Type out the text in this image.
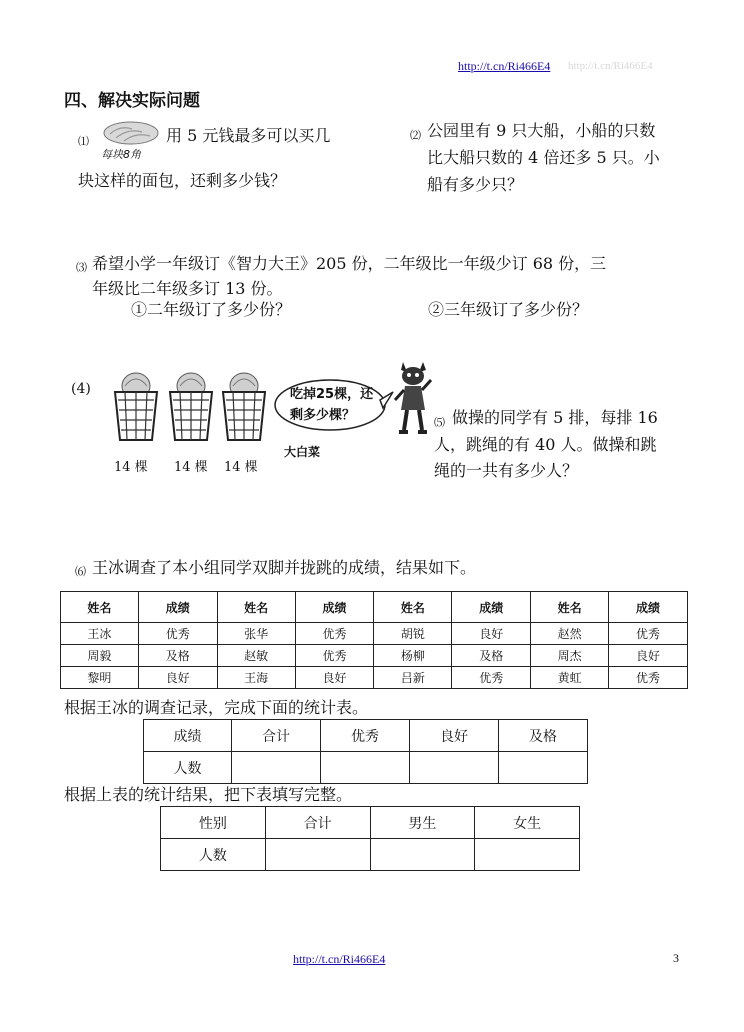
http://t.cn/Ri466E4 http://t.cn/Ri466E4
四、解决实际问题
⑴
每块8角
用 5 元钱最多可以买几
块这样的面包，还剩多少钱？
⑵ 公园里有 9 只大船，小船的只数
比大船只数的 4 倍还多 5 只。小
船有多少只？
⑶ 希望小学一年级订《智力大王》205 份，二年级比一年级少订 68 份，三
年级比二年级多订 13 份。
①二年级订了多少份？	②三年级订了多少份？
(4)
14 棵 14 棵 14 棵
吃掉25棵，还
剩多少棵？
大白菜
⑸ 做操的同学有 5 排，每排 16
人，跳绳的有 40 人。做操和跳
绳的一共有多少人？
⑹ 王冰调查了本小组同学双脚并拢跳的成绩，结果如下。
姓名	成绩	姓名	成绩	姓名	成绩	姓名	成绩
王冰	优秀	张华	优秀	胡锐	良好	赵然	优秀
周毅	及格	赵敏	优秀	杨柳	及格	周杰	良好
黎明	良好	王海	良好	吕新	优秀	黄虹	优秀
根据王冰的调查记录，完成下面的统计表。
成绩	合计	优秀	良好	及格
人数				
根据上表的统计结果，把下表填写完整。
性别	合计	男生	女生
人数			
http://t.cn/Ri466E4	3
